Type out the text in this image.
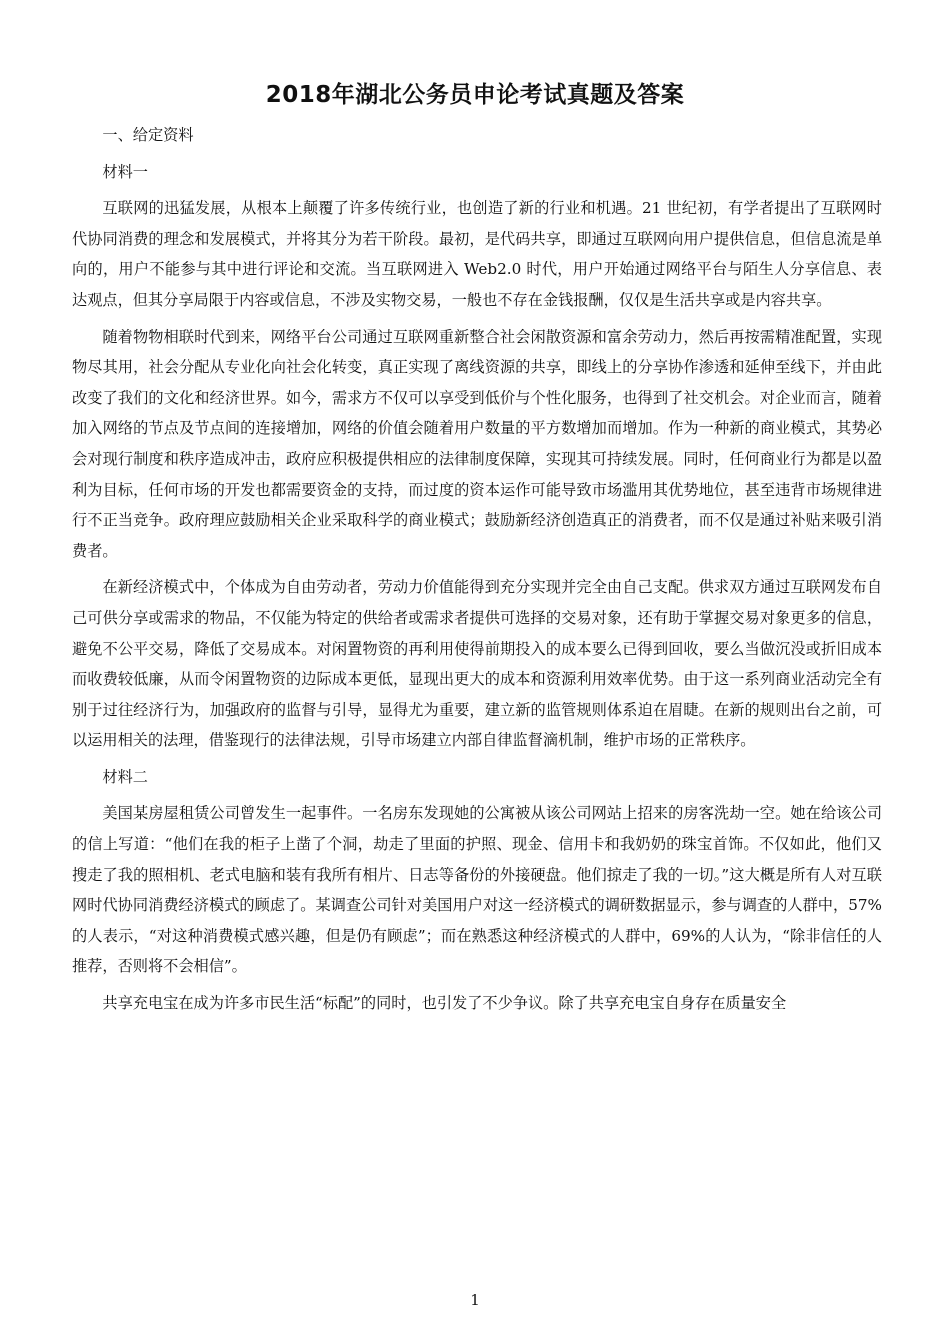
2018年湖北公务员申论考试真题及答案

一、给定资料

材料一

互联网的迅猛发展，从根本上颠覆了许多传统行业，也创造了新的行业和机遇。21 世纪初，有学者提出了互联网时代协同消费的理念和发展模式，并将其分为若干阶段。最初，是代码共享，即通过互联网向用户提供信息，但信息流是单向的，用户不能参与其中进行评论和交流。当互联网进入 Web2.0 时代，用户开始通过网络平台与陌生人分享信息、表达观点，但其分享局限于内容或信息，不涉及实物交易，一般也不存在金钱报酬，仅仅是生活共享或是内容共享。

随着物物相联时代到来，网络平台公司通过互联网重新整合社会闲散资源和富余劳动力，然后再按需精准配置，实现物尽其用，社会分配从专业化向社会化转变，真正实现了离线资源的共享，即线上的分享协作渗透和延伸至线下，并由此改变了我们的文化和经济世界。如今，需求方不仅可以享受到低价与个性化服务，也得到了社交机会。对企业而言，随着加入网络的节点及节点间的连接增加，网络的价值会随着用户数量的平方数增加而增加。作为一种新的商业模式，其势必会对现行制度和秩序造成冲击，政府应积极提供相应的法律制度保障，实现其可持续发展。同时，任何商业行为都是以盈利为目标，任何市场的开发也都需要资金的支持，而过度的资本运作可能导致市场滥用其优势地位，甚至违背市场规律进行不正当竞争。政府理应鼓励相关企业采取科学的商业模式；鼓励新经济创造真正的消费者，而不仅是通过补贴来吸引消费者。

在新经济模式中，个体成为自由劳动者，劳动力价值能得到充分实现并完全由自己支配。供求双方通过互联网发布自己可供分享或需求的物品，不仅能为特定的供给者或需求者提供可选择的交易对象，还有助于掌握交易对象更多的信息，避免不公平交易，降低了交易成本。对闲置物资的再利用使得前期投入的成本要么已得到回收，要么当做沉没或折旧成本而收费较低廉，从而令闲置物资的边际成本更低，显现出更大的成本和资源利用效率优势。由于这一系列商业活动完全有别于过往经济行为，加强政府的监督与引导，显得尤为重要，建立新的监管规则体系迫在眉睫。在新的规则出台之前，可以运用相关的法理，借鉴现行的法律法规，引导市场建立内部自律监督滴机制，维护市场的正常秩序。

材料二

美国某房屋租赁公司曾发生一起事件。一名房东发现她的公寓被从该公司网站上招来的房客洗劫一空。她在给该公司的信上写道：“他们在我的柜子上凿了个洞，劫走了里面的护照、现金、信用卡和我奶奶的珠宝首饰。不仅如此，他们又搜走了我的照相机、老式电脑和装有我所有相片、日志等备份的外接硬盘。他们掠走了我的一切。”这大概是所有人对互联网时代协同消费经济模式的顾虑了。某调查公司针对美国用户对这一经济模式的调研数据显示，参与调查的人群中，57%的人表示，“对这种消费模式感兴趣，但是仍有顾虑”；而在熟悉这种经济模式的人群中，69%的人认为，“除非信任的人推荐，否则将不会相信”。

共享充电宝在成为许多市民生活“标配”的同时，也引发了不少争议。除了共享充电宝自身存在质量安全

1
